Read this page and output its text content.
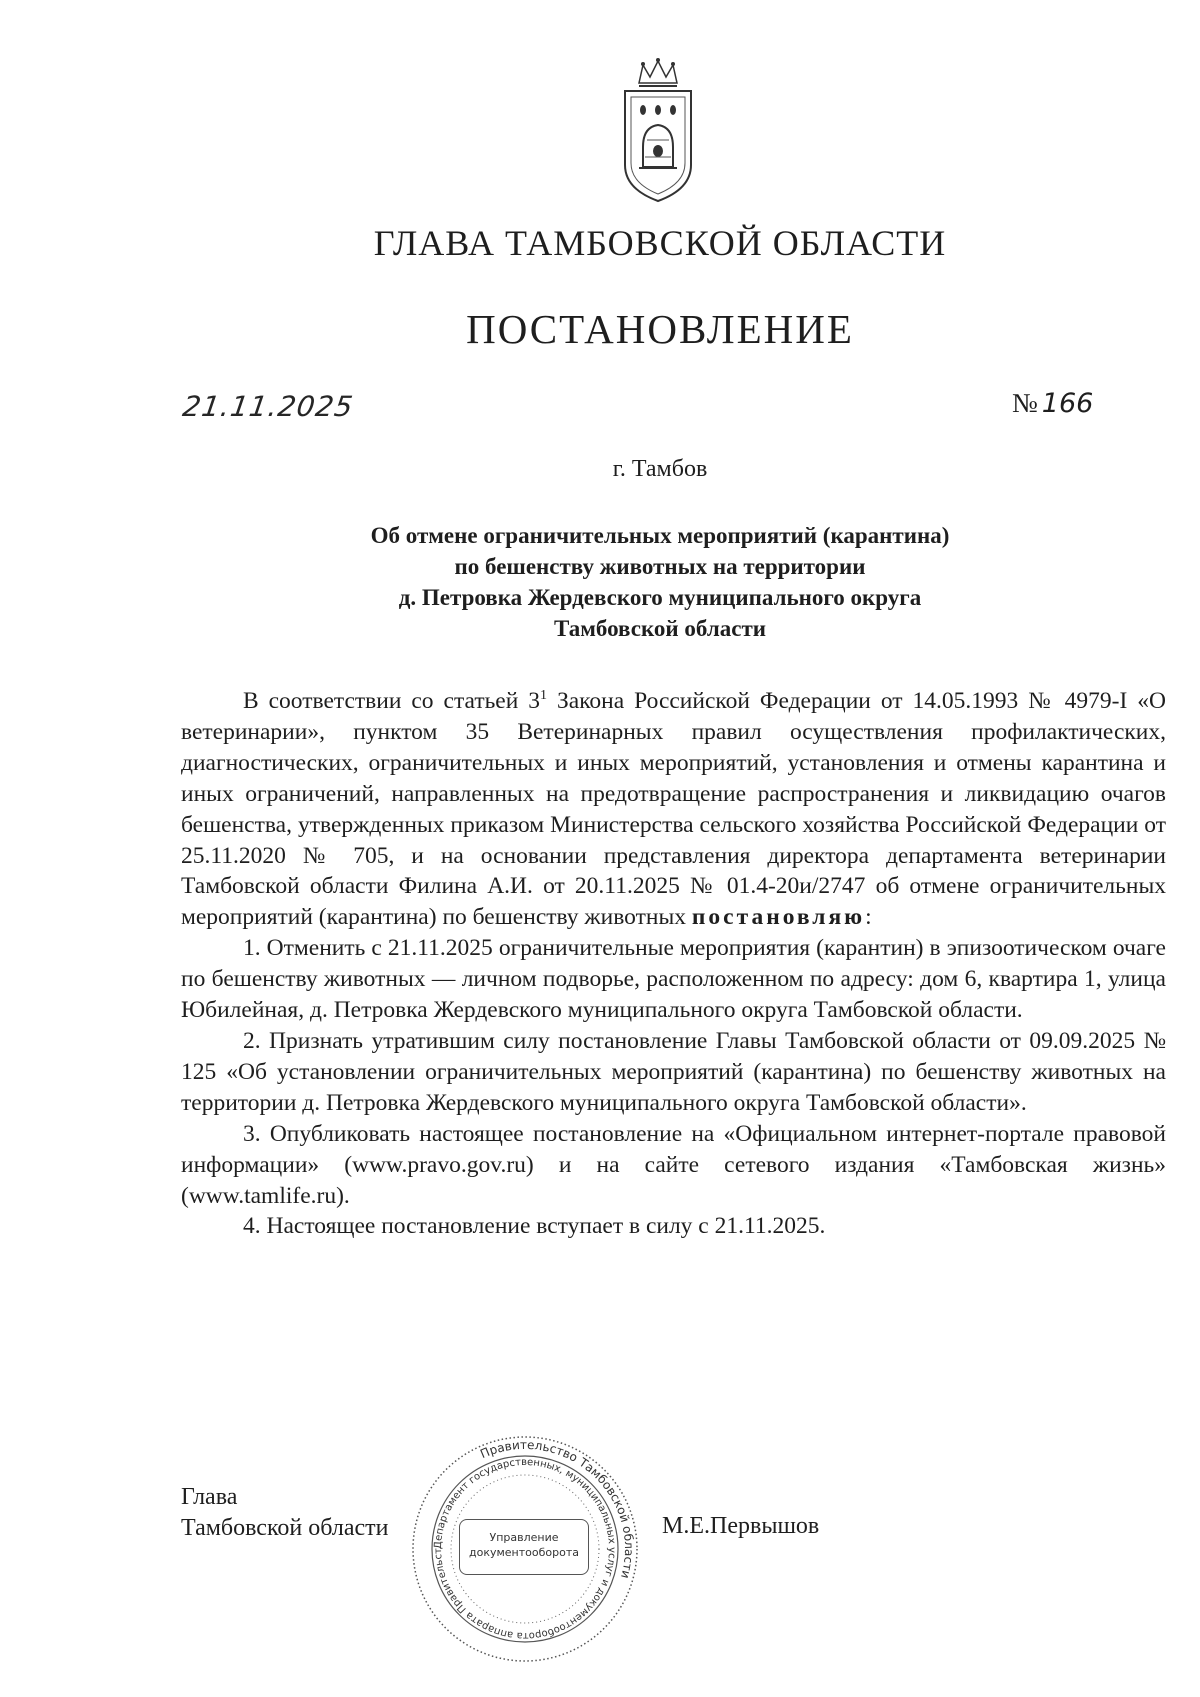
ГЛАВА ТАМБОВСКОЙ ОБЛАСТИ
ПОСТАНОВЛЕНИЕ
21.11.2025	№ 166
г. Тамбов
Об отмене ограничительных мероприятий (карантина)
по бешенству животных на территории
д. Петровка Жердевского муниципального округа
Тамбовской области

В соответствии со статьей $3^1$ Закона Российской Федерации от 14.05.1993 № 4979-I «О ветеринарии», пунктом 35 Ветеринарных правил осуществления профилактических, диагностических, ограничительных и иных мероприятий, установления и отмены карантина и иных ограничений, направленных на предотвращение распространения и ликвидацию очагов бешенства, утвержденных приказом Министерства сельского хозяйства Российской Федерации от 25.11.2020 № 705, и на основании представления директора департамента ветеринарии Тамбовской области Филина А.И. от 20.11.2025 № 01.4-20и/2747 об отмене ограничительных мероприятий (карантина) по бешенству животных постановляю:

1. Отменить с 21.11.2025 ограничительные мероприятия (карантин) в эпизоотическом очаге по бешенству животных — личном подворье, расположенном по адресу: дом 6, квартира 1, улица Юбилейная, д. Петровка Жердевского муниципального округа Тамбовской области.

2. Признать утратившим силу постановление Главы Тамбовской области от 09.09.2025 № 125 «Об установлении ограничительных мероприятий (карантина) по бешенству животных на территории д. Петровка Жердевского муниципального округа Тамбовской области».

3. Опубликовать настоящее постановление на «Официальном интернет-портале правовой информации» (www.pravo.gov.ru) и на сайте сетевого издания «Тамбовская жизнь» (www.tamlife.ru).

4. Настоящее постановление вступает в силу с 21.11.2025.

Глава
Тамбовской области	М.Е.Первышов
Правительство Тамбовской области
Департамент государственных, муниципальных услуг и документооборота аппарата Правительст
Управление
документооборота
